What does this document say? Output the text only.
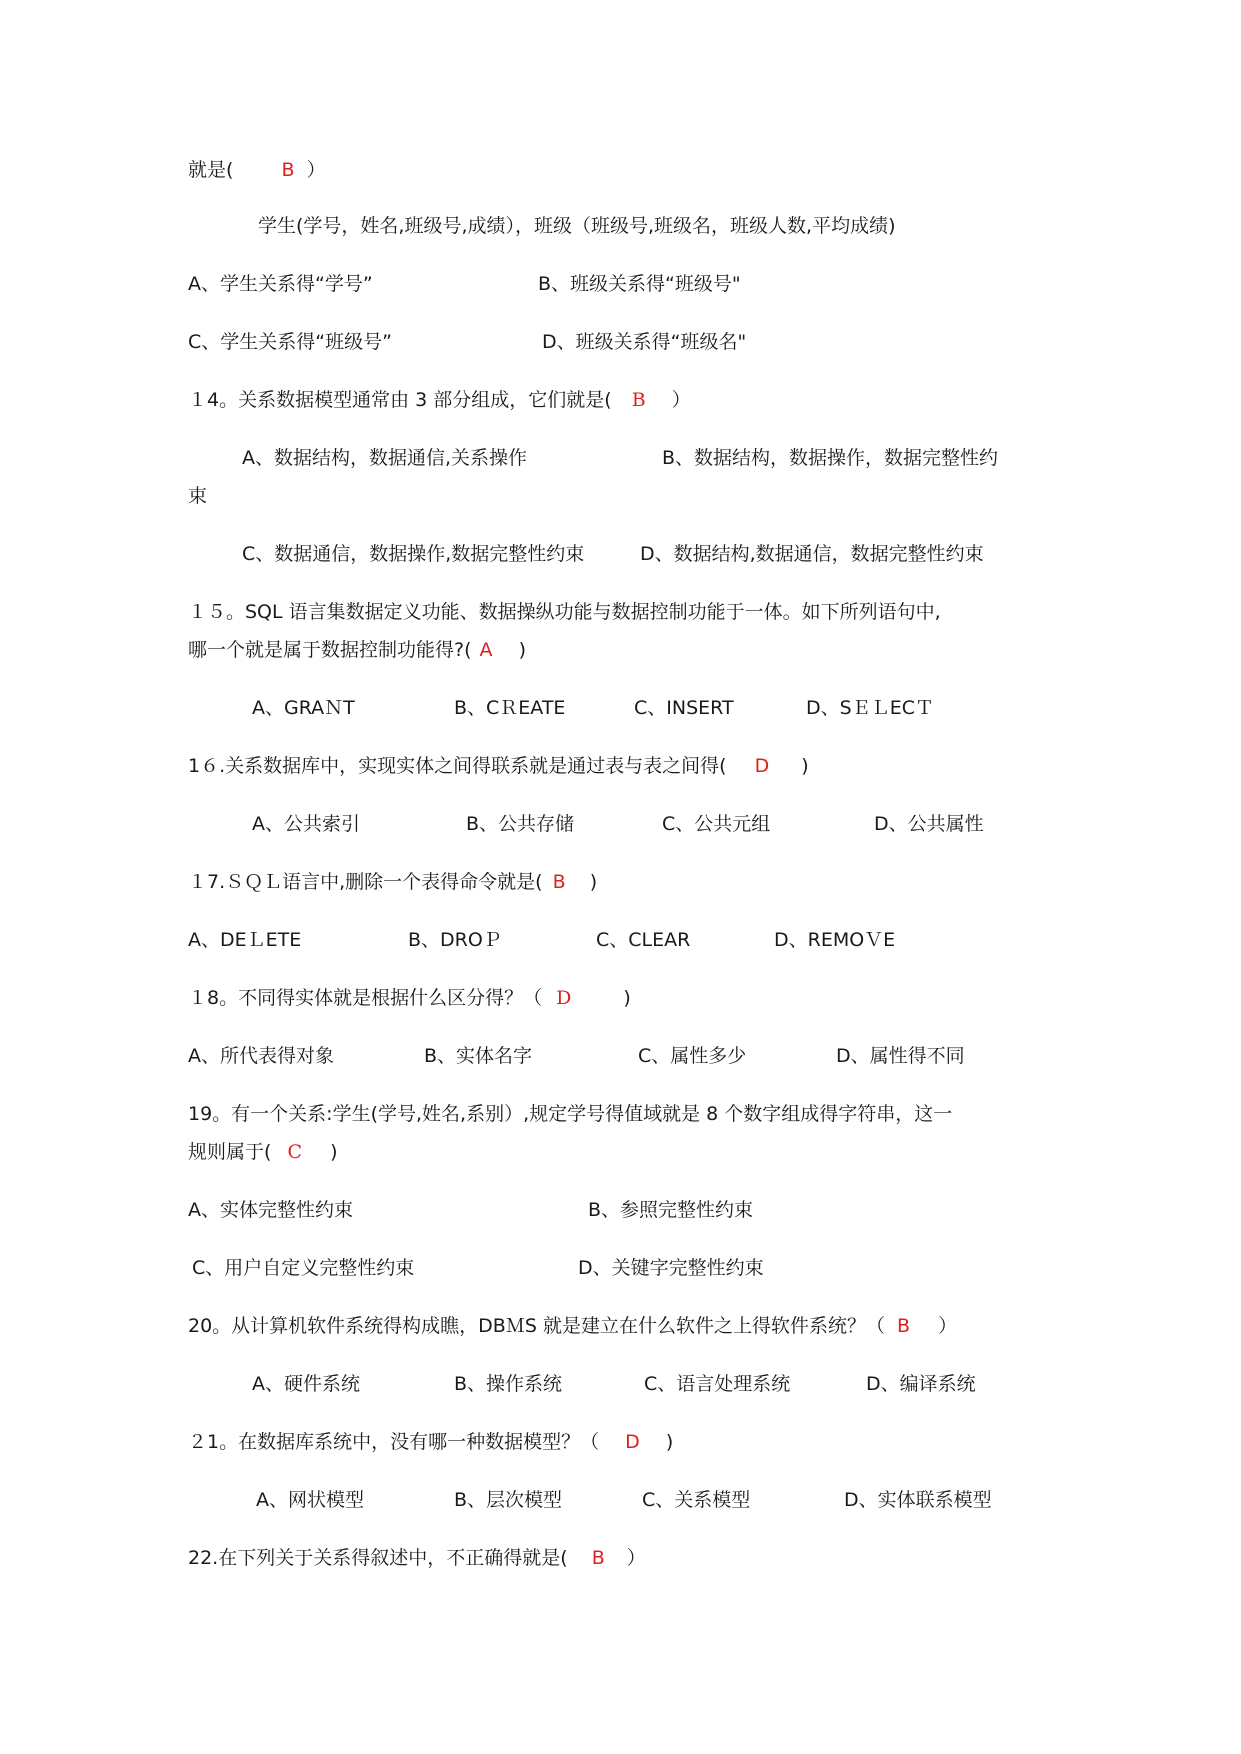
就是(	B ）
学生(学号，姓名,班级号,成绩），班级（班级号,班级名，班级人数,平均成绩)
A、学生关系得“学号”	B、班级关系得“班级号"
C、学生关系得“班级号”	D、班级关系得“班级名"
１4。关系数据模型通常由 3 部分组成，它们就是( B ）
A、数据结构，数据通信,关系操作	B、数据结构，数据操作，数据完整性约
束
C、数据通信，数据操作,数据完整性约束	D、数据结构,数据通信，数据完整性约束
１５。SQL 语言集数据定义功能、数据操纵功能与数据控制功能于一体。如下所列语句中,
哪一个就是属于数据控制功能得?( A )
A、GRAＮT	B、CＲEATE	C、INSERT	D、SＥＬECＴ
1６.关系数据库中，实现实体之间得联系就是通过表与表之间得( D )
A、公共索引	B、公共存储	C、公共元组	D、公共属性
１7.ＳＱＬ语言中,删除一个表得命令就是( B )
A、DEＬETE	B、DROＰ	C、CLEAR	D、REMOＶE
１8。不同得实体就是根据什么区分得？（ D	)
A、所代表得对象	B、实体名字	C、属性多少	D、属性得不同
19。有一个关系:学生(学号,姓名,系别）,规定学号得值域就是 8 个数字组成得字符串，这一
规则属于( C )
A、实体完整性约束	B、参照完整性约束
C、用户自定义完整性约束	D、关键字完整性约束
20。从计算机软件系统得构成瞧，DBＭS 就是建立在什么软件之上得软件系统？（ B ）
A、硬件系统	B、操作系统	C、语言处理系统	D、编译系统
２1。在数据库系统中，没有哪一种数据模型？（ D )
A、网状模型	B、层次模型	C、关系模型	D、实体联系模型
22.在下列关于关系得叙述中，不正确得就是( B ）
